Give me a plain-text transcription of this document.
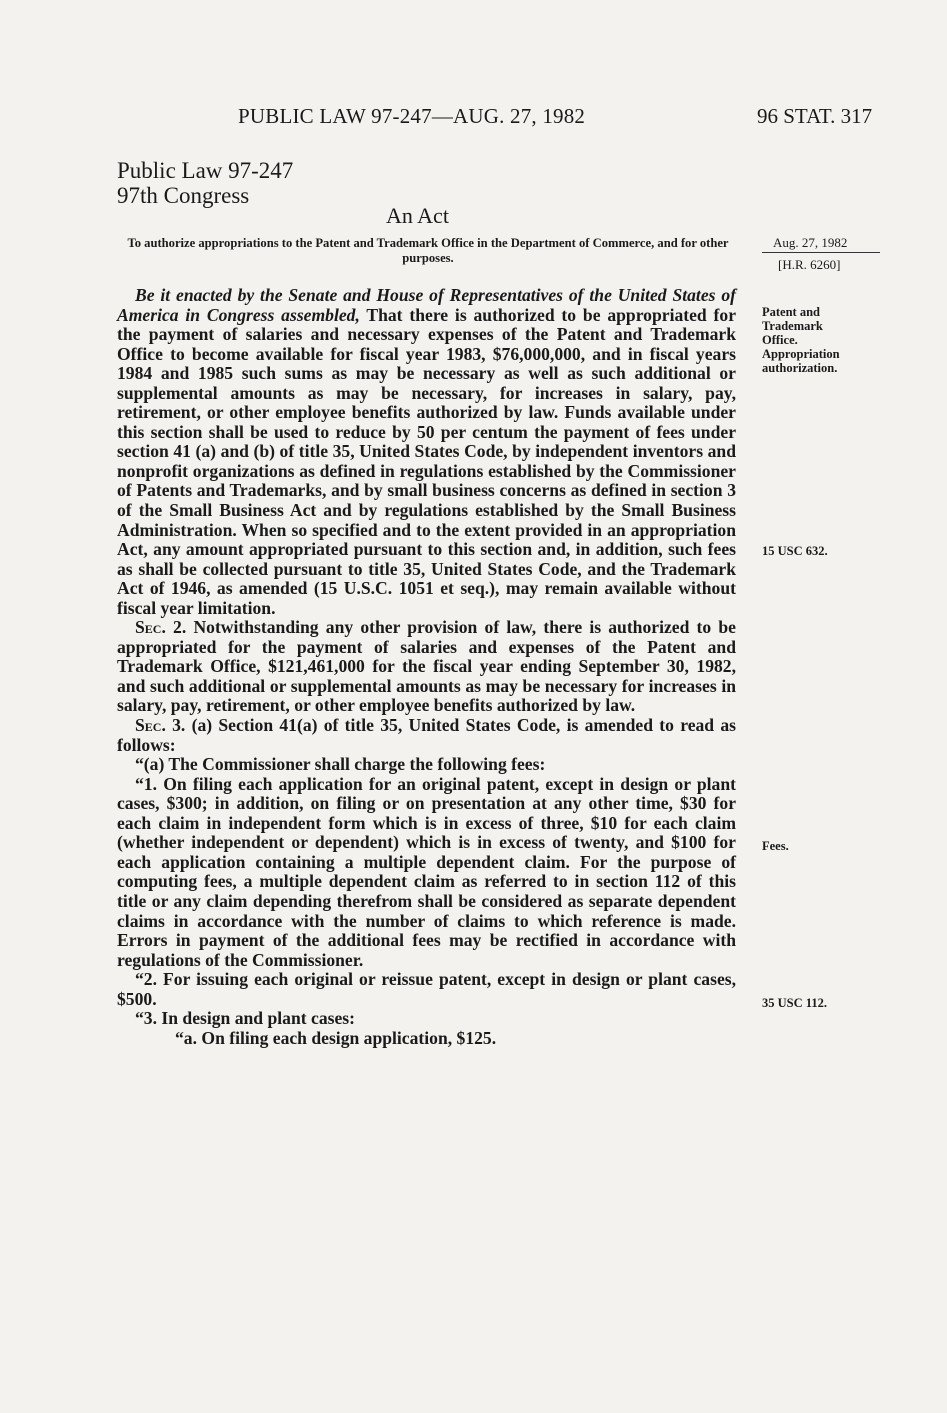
PUBLIC LAW 97-247—AUG. 27, 1982	96 STAT. 317
Public Law 97-247
97th Congress
An Act
To authorize appropriations to the Patent and Trademark Office in the Department of Commerce, and for other purposes.
Aug. 27, 1982
[H.R. 6260]
Patent and
Trademark
Office.
Appropriation
authorization.
15 USC 632.
Fees.
35 USC 112.

Be it enacted by the Senate and House of Representatives of the United States of America in Congress assembled, That there is authorized to be appropriated for the payment of salaries and necessary expenses of the Patent and Trademark Office to become available for fiscal year 1983, $76,000,000, and in fiscal years 1984 and 1985 such sums as may be necessary as well as such additional or supplemental amounts as may be necessary, for increases in salary, pay, retirement, or other employee benefits authorized by law. Funds available under this section shall be used to reduce by 50 per centum the payment of fees under section 41 (a) and (b) of title 35, United States Code, by independent inventors and nonprofit organizations as defined in regulations established by the Commissioner of Patents and Trademarks, and by small business concerns as defined in section 3 of the Small Business Act and by regulations established by the Small Business Administration. When so specified and to the extent provided in an appropriation Act, any amount appropriated pursuant to this section and, in addition, such fees as shall be collected pursuant to title 35, United States Code, and the Trademark Act of 1946, as amended (15 U.S.C. 1051 et seq.), may remain available without fiscal year limitation.

Sec. 2. Notwithstanding any other provision of law, there is authorized to be appropriated for the payment of salaries and expenses of the Patent and Trademark Office, $121,461,000 for the fiscal year ending September 30, 1982, and such additional or supplemental amounts as may be necessary for increases in salary, pay, retirement, or other employee benefits authorized by law.

Sec. 3. (a) Section 41(a) of title 35, United States Code, is amended to read as follows:

“(a) The Commissioner shall charge the following fees:

“1. On filing each application for an original patent, except in design or plant cases, $300; in addition, on filing or on presentation at any other time, $30 for each claim in independent form which is in excess of three, $10 for each claim (whether independent or dependent) which is in excess of twenty, and $100 for each application containing a multiple dependent claim. For the purpose of computing fees, a multiple dependent claim as referred to in section 112 of this title or any claim depending therefrom shall be considered as separate dependent claims in accordance with the number of claims to which reference is made. Errors in payment of the additional fees may be rectified in accordance with regulations of the Commissioner.

“2. For issuing each original or reissue patent, except in design or plant cases, $500.

“3. In design and plant cases:

“a. On filing each design application, $125.
